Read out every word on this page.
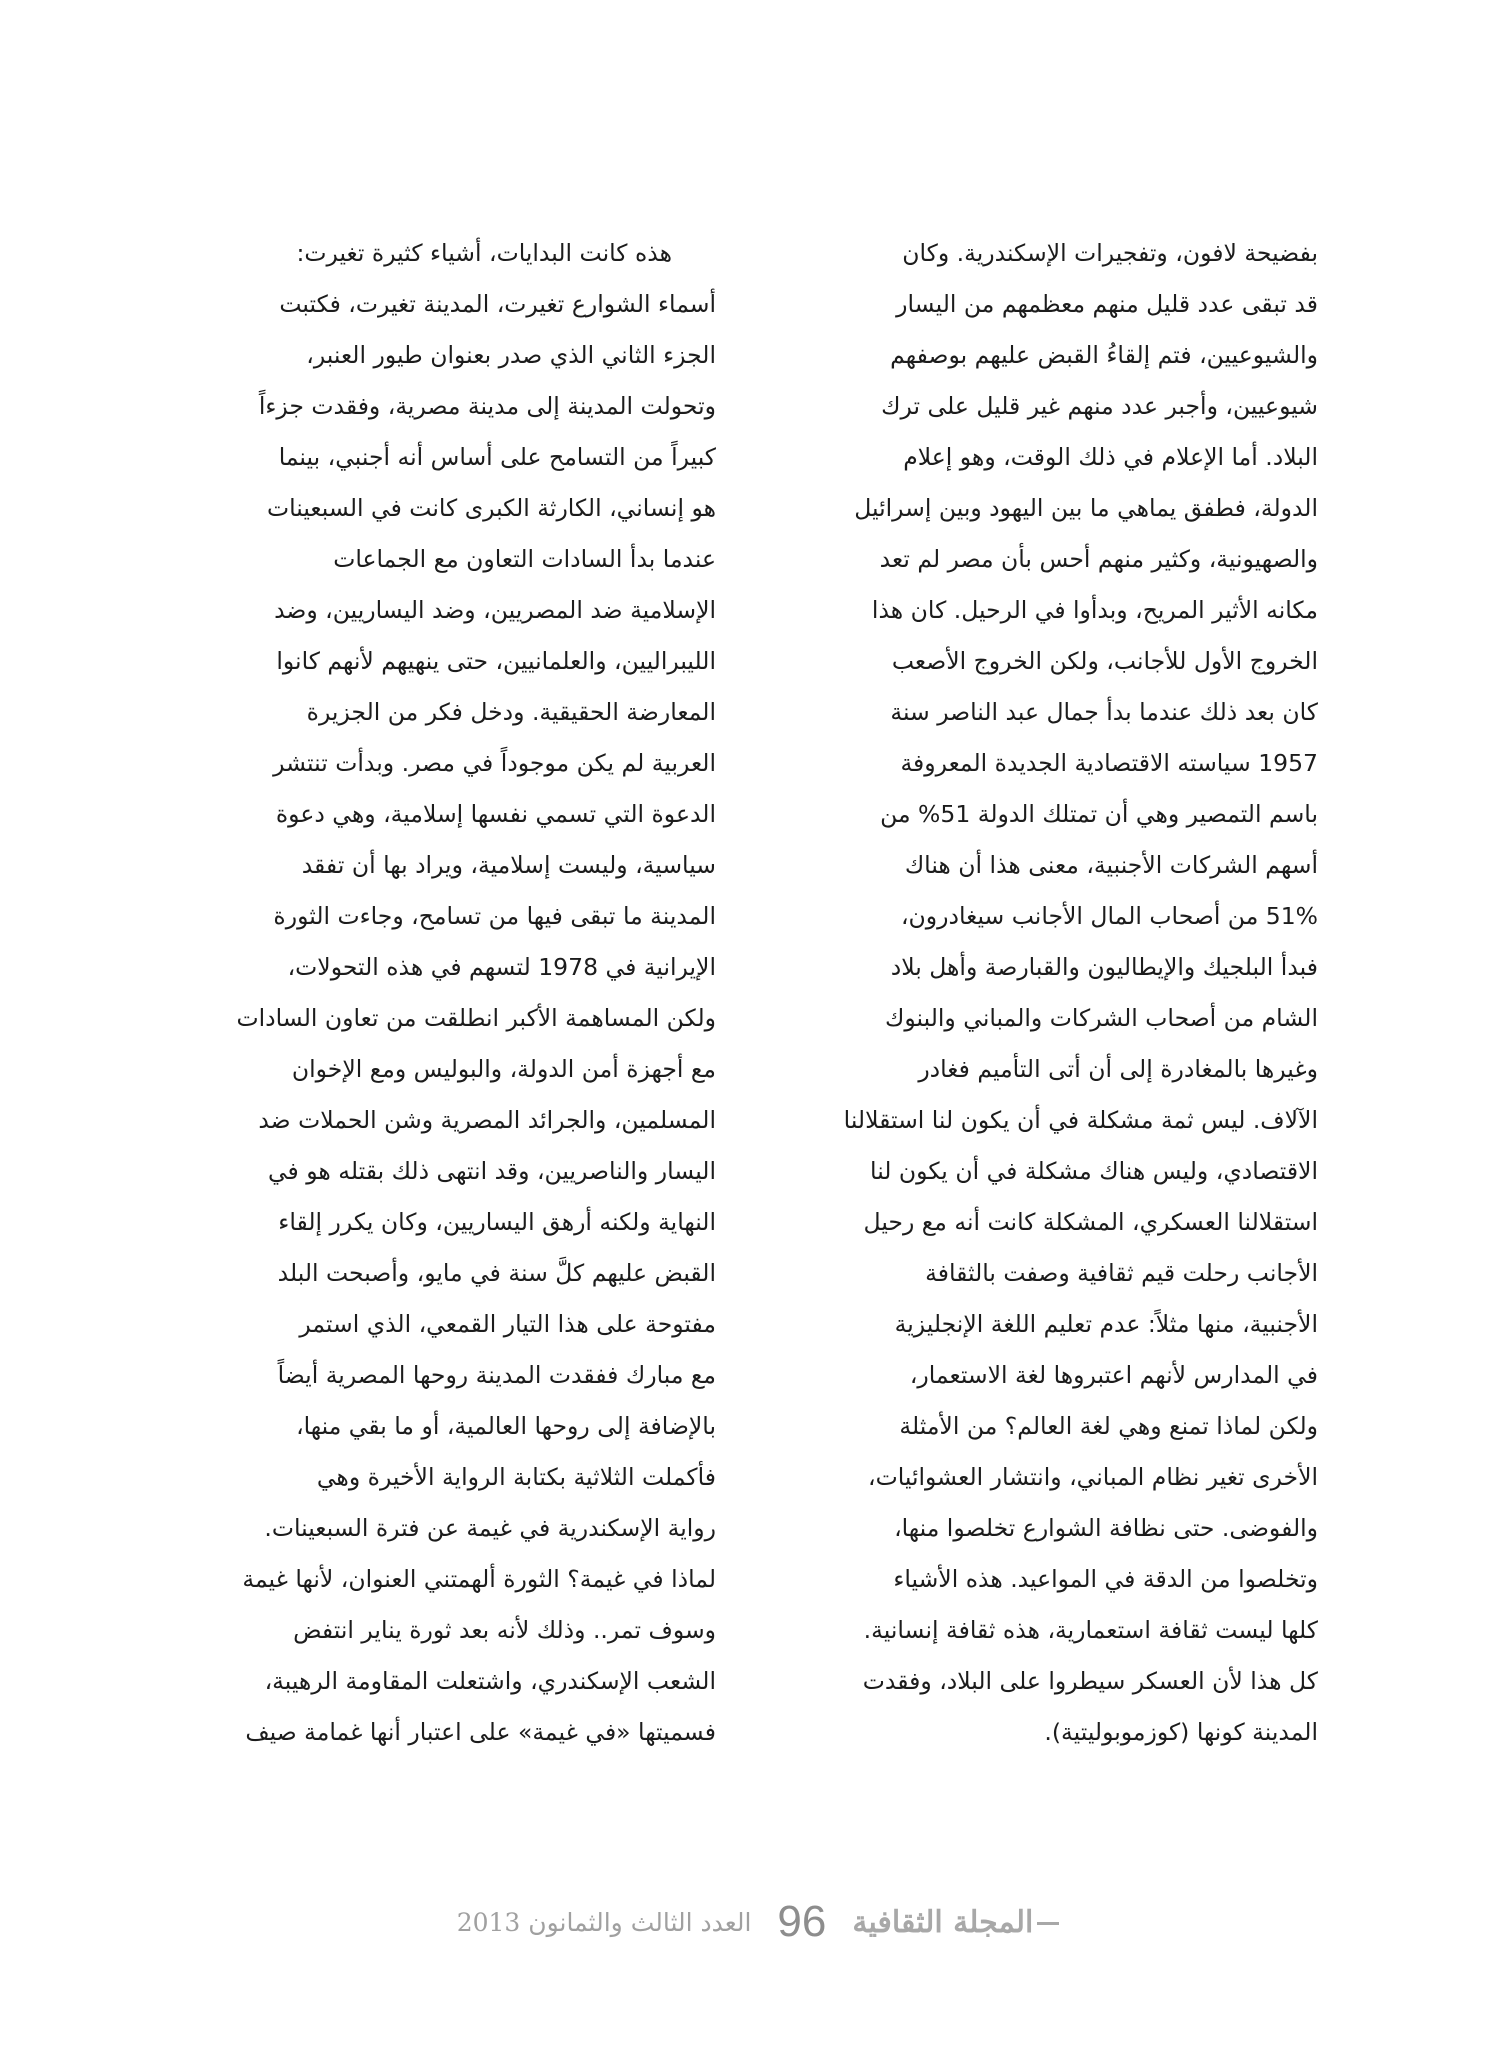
بفضيحة لافون، وتفجيرات الإسكندرية. وكان
قد تبقى عدد قليل منهم معظمهم من اليسار
والشيوعيين، فتم إلقاءُ القبض عليهم بوصفهم
شيوعيين، وأجبر عدد منهم غير قليل على ترك
البلاد. أما الإعلام في ذلك الوقت، وهو إعلام
الدولة، فطفق يماهي ما بين اليهود وبين إسرائيل
والصهيونية، وكثير منهم أحس بأن مصر لم تعد
مكانه الأثير المريح، وبدأوا في الرحيل. كان هذا
الخروج الأول للأجانب، ولكن الخروج الأصعب
كان بعد ذلك عندما بدأ جمال عبد الناصر سنة
1957 سياسته الاقتصادية الجديدة المعروفة
باسم التمصير وهي أن تمتلك الدولة 51% من
أسهم الشركات الأجنبية، معنى هذا أن هناك
51% من أصحاب المال الأجانب سيغادرون،
فبدأ البلجيك والإيطاليون والقبارصة وأهل بلاد
الشام من أصحاب الشركات والمباني والبنوك
وغيرها بالمغادرة إلى أن أتى التأميم فغادر
الآلاف. ليس ثمة مشكلة في أن يكون لنا استقلالنا
الاقتصادي، وليس هناك مشكلة في أن يكون لنا
استقلالنا العسكري، المشكلة كانت أنه مع رحيل
الأجانب رحلت قيم ثقافية وصفت بالثقافة
الأجنبية، منها مثلاً: عدم تعليم اللغة الإنجليزية
في المدارس لأنهم اعتبروها لغة الاستعمار،
ولكن لماذا تمنع وهي لغة العالم؟ من الأمثلة
الأخرى تغير نظام المباني، وانتشار العشوائيات،
والفوضى. حتى نظافة الشوارع تخلصوا منها،
وتخلصوا من الدقة في المواعيد. هذه الأشياء
كلها ليست ثقافة استعمارية، هذه ثقافة إنسانية.
كل هذا لأن العسكر سيطروا على البلاد، وفقدت
المدينة كونها (كوزموبوليتية).
هذه كانت البدايات، أشياء كثيرة تغيرت:
أسماء الشوارع تغيرت، المدينة تغيرت، فكتبت
الجزء الثاني الذي صدر بعنوان طيور العنبر،
وتحولت المدينة إلى مدينة مصرية، وفقدت جزءاً
كبيراً من التسامح على أساس أنه أجنبي، بينما
هو إنساني، الكارثة الكبرى كانت في السبعينات
عندما بدأ السادات التعاون مع الجماعات
الإسلامية ضد المصريين، وضد اليساريين، وضد
الليبراليين، والعلمانيين، حتى ينهيهم لأنهم كانوا
المعارضة الحقيقية. ودخل فكر من الجزيرة
العربية لم يكن موجوداً في مصر. وبدأت تنتشر
الدعوة التي تسمي نفسها إسلامية، وهي دعوة
سياسية، وليست إسلامية، ويراد بها أن تفقد
المدينة ما تبقى فيها من تسامح، وجاءت الثورة
الإيرانية في 1978 لتسهم في هذه التحولات،
ولكن المساهمة الأكبر انطلقت من تعاون السادات
مع أجهزة أمن الدولة، والبوليس ومع الإخوان
المسلمين، والجرائد المصرية وشن الحملات ضد
اليسار والناصريين، وقد انتهى ذلك بقتله هو في
النهاية ولكنه أرهق اليساريين، وكان يكرر إلقاء
القبض عليهم كلَّ سنة في مايو، وأصبحت البلد
مفتوحة على هذا التيار القمعي، الذي استمر
مع مبارك ففقدت المدينة روحها المصرية أيضاً
بالإضافة إلى روحها العالمية، أو ما بقي منها،
فأكملت الثلاثية بكتابة الرواية الأخيرة وهي
رواية الإسكندرية في غيمة عن فترة السبعينات.
لماذا في غيمة؟ الثورة ألهمتني العنوان، لأنها غيمة
وسوف تمر.. وذلك لأنه بعد ثورة يناير انتفض
الشعب الإسكندري، واشتعلت المقاومة الرهيبة،
فسميتها «في غيمة» على اعتبار أنها غمامة صيف
المجلة الثقافية
96
العدد الثالث والثمانون 2013
